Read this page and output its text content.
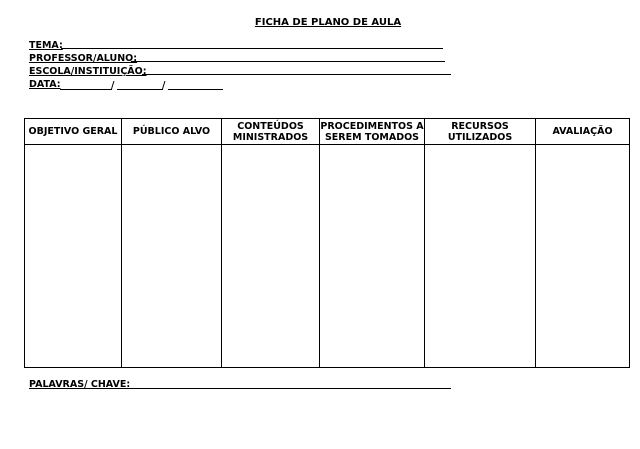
FICHA DE PLANO DE AULA
TEMA:
PROFESSOR/ALUNO:
ESCOLA/INSTITUIÇÃO:
DATA:	/	/
OBJETIVO GERAL	PÚBLICO ALVO	CONTEÚDOS MINISTRADOS	PROCEDIMENTOS A SEREM TOMADOS	RECURSOS UTILIZADOS	AVALIAÇÃO

PALAVRAS/ CHAVE:
